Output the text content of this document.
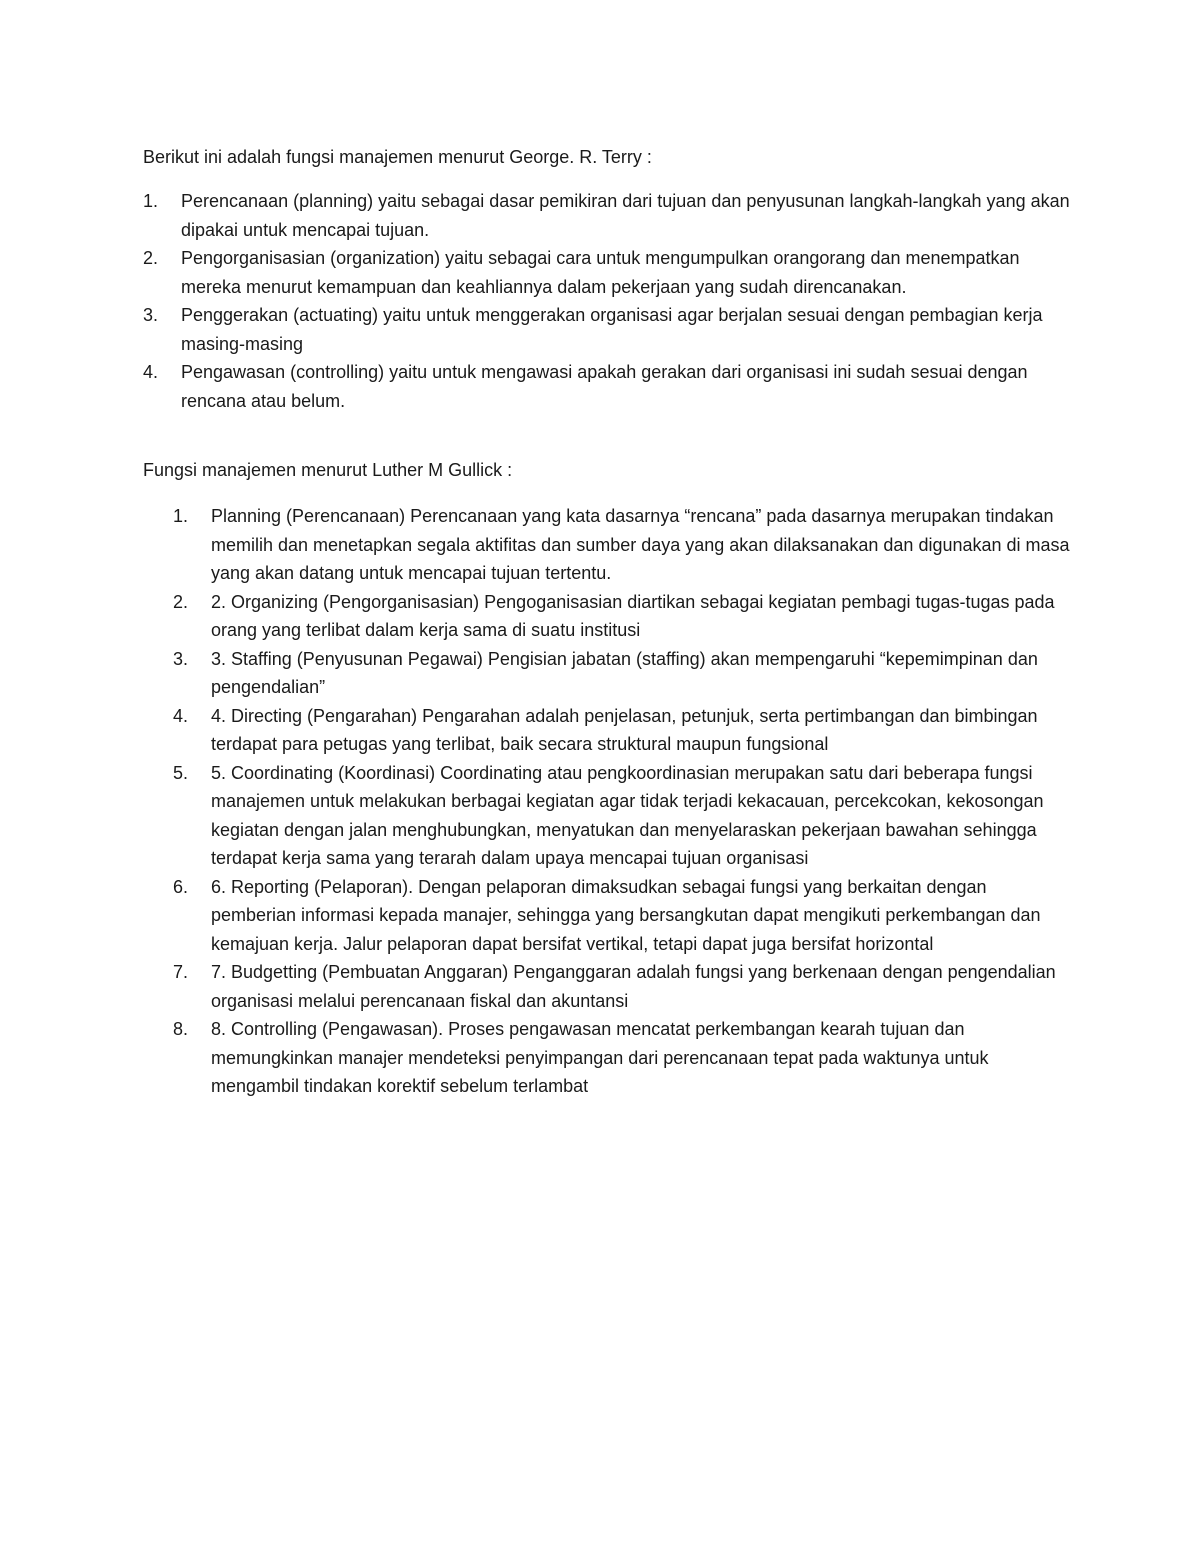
Berikut ini adalah fungsi manajemen menurut George. R. Terry :

1.	Perencanaan (planning) yaitu sebagai dasar pemikiran dari tujuan dan penyusunan langkah-langkah yang akan dipakai untuk mencapai tujuan.
2.	Pengorganisasian (organization) yaitu sebagai cara untuk mengumpulkan orangorang dan menempatkan mereka menurut kemampuan dan keahliannya dalam pekerjaan yang sudah direncanakan.
3.	Penggerakan (actuating) yaitu untuk menggerakan organisasi agar berjalan sesuai dengan pembagian kerja masing-masing
4.	Pengawasan (controlling) yaitu untuk mengawasi apakah gerakan dari organisasi ini sudah sesuai dengan rencana atau belum.

Fungsi manajemen menurut Luther M Gullick :

1.	Planning (Perencanaan) Perencanaan yang kata dasarnya “rencana” pada dasarnya merupakan tindakan memilih dan menetapkan segala aktifitas dan sumber daya yang akan dilaksanakan dan digunakan di masa yang akan datang untuk mencapai tujuan tertentu.
2.	2. Organizing (Pengorganisasian) Pengoganisasian diartikan sebagai kegiatan pembagi tugas-tugas pada orang yang terlibat dalam kerja sama di suatu institusi
3.	3. Staffing (Penyusunan Pegawai) Pengisian jabatan (staffing) akan mempengaruhi “kepemimpinan dan pengendalian”
4.	4. Directing (Pengarahan) Pengarahan adalah penjelasan, petunjuk, serta pertimbangan dan bimbingan terdapat para petugas yang terlibat, baik secara struktural maupun fungsional
5.	5. Coordinating (Koordinasi) Coordinating atau pengkoordinasian merupakan satu dari beberapa fungsi manajemen untuk melakukan berbagai kegiatan agar tidak terjadi kekacauan, percekcokan, kekosongan kegiatan dengan jalan menghubungkan, menyatukan dan menyelaraskan pekerjaan bawahan sehingga terdapat kerja sama yang terarah dalam upaya mencapai tujuan organisasi
6.	6. Reporting (Pelaporan). Dengan pelaporan dimaksudkan sebagai fungsi yang berkaitan dengan pemberian informasi kepada manajer, sehingga yang bersangkutan dapat mengikuti perkembangan dan kemajuan kerja. Jalur pelaporan dapat bersifat vertikal, tetapi dapat juga bersifat horizontal
7.	7. Budgetting (Pembuatan Anggaran) Penganggaran adalah fungsi yang berkenaan dengan pengendalian organisasi melalui perencanaan fiskal dan akuntansi
8.	8. Controlling (Pengawasan). Proses pengawasan mencatat perkembangan kearah tujuan dan memungkinkan manajer mendeteksi penyimpangan dari perencanaan tepat pada waktunya untuk mengambil tindakan korektif sebelum terlambat
